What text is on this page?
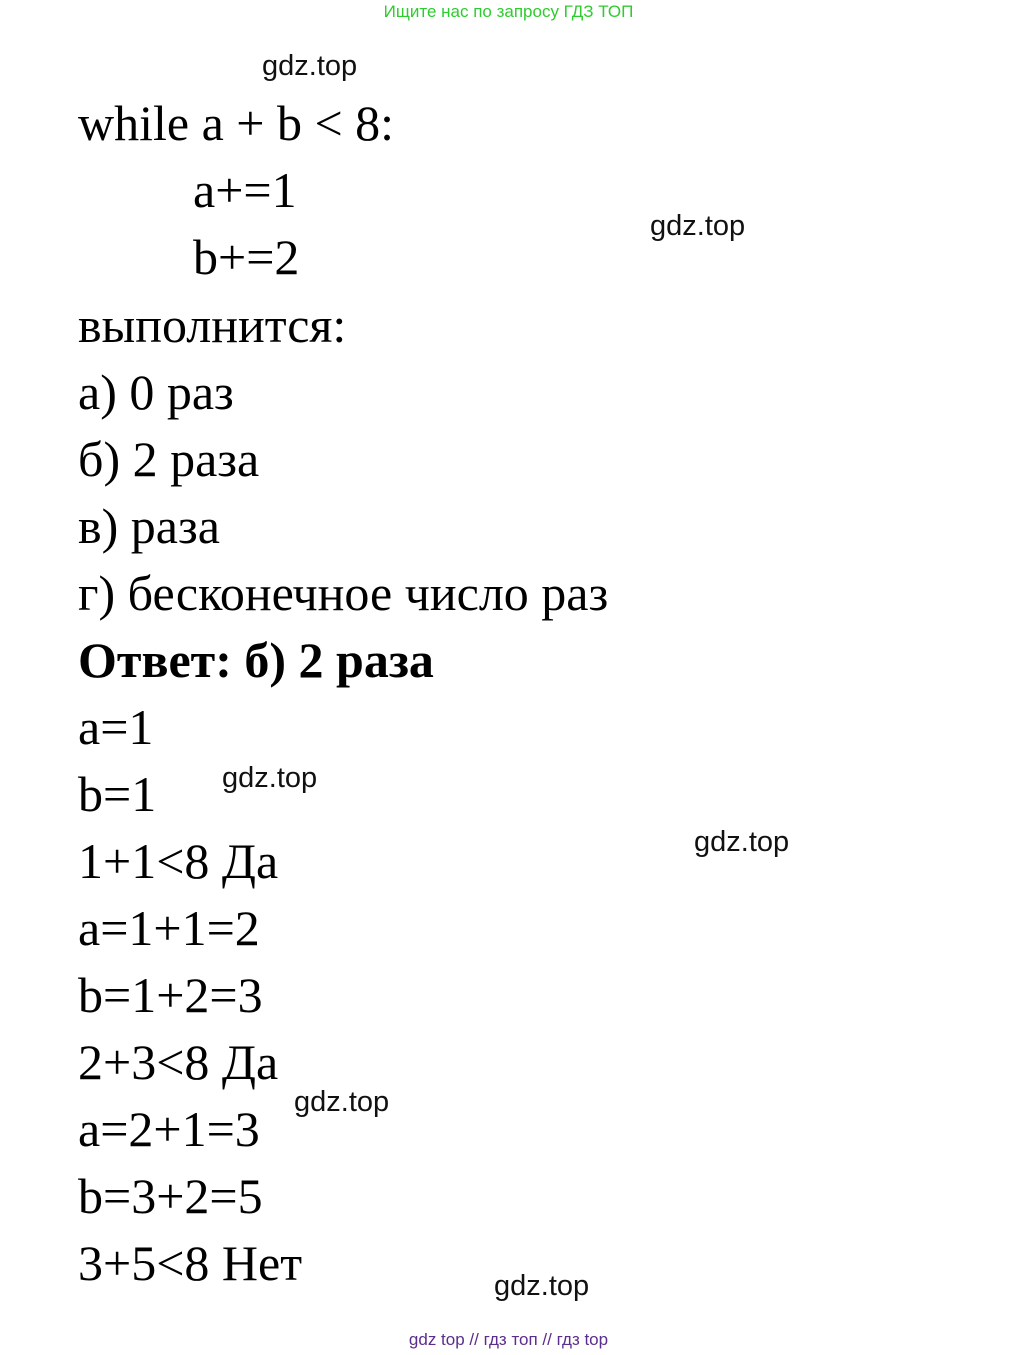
Ищите нас по запросу ГДЗ ТОП
gdz.top
gdz.top
gdz.top
gdz.top
gdz.top
gdz.top
while a + b < 8:
a+=1
b+=2
выполнится:
а) 0 раз
б) 2 раза
в) раза
г) бесконечное число раз
Ответ: б) 2 раза
a=1
b=1
1+1<8 Да
a=1+1=2
b=1+2=3
2+3<8 Да
a=2+1=3
b=3+2=5
3+5<8 Нет
gdz top // гдз топ // гдз top
